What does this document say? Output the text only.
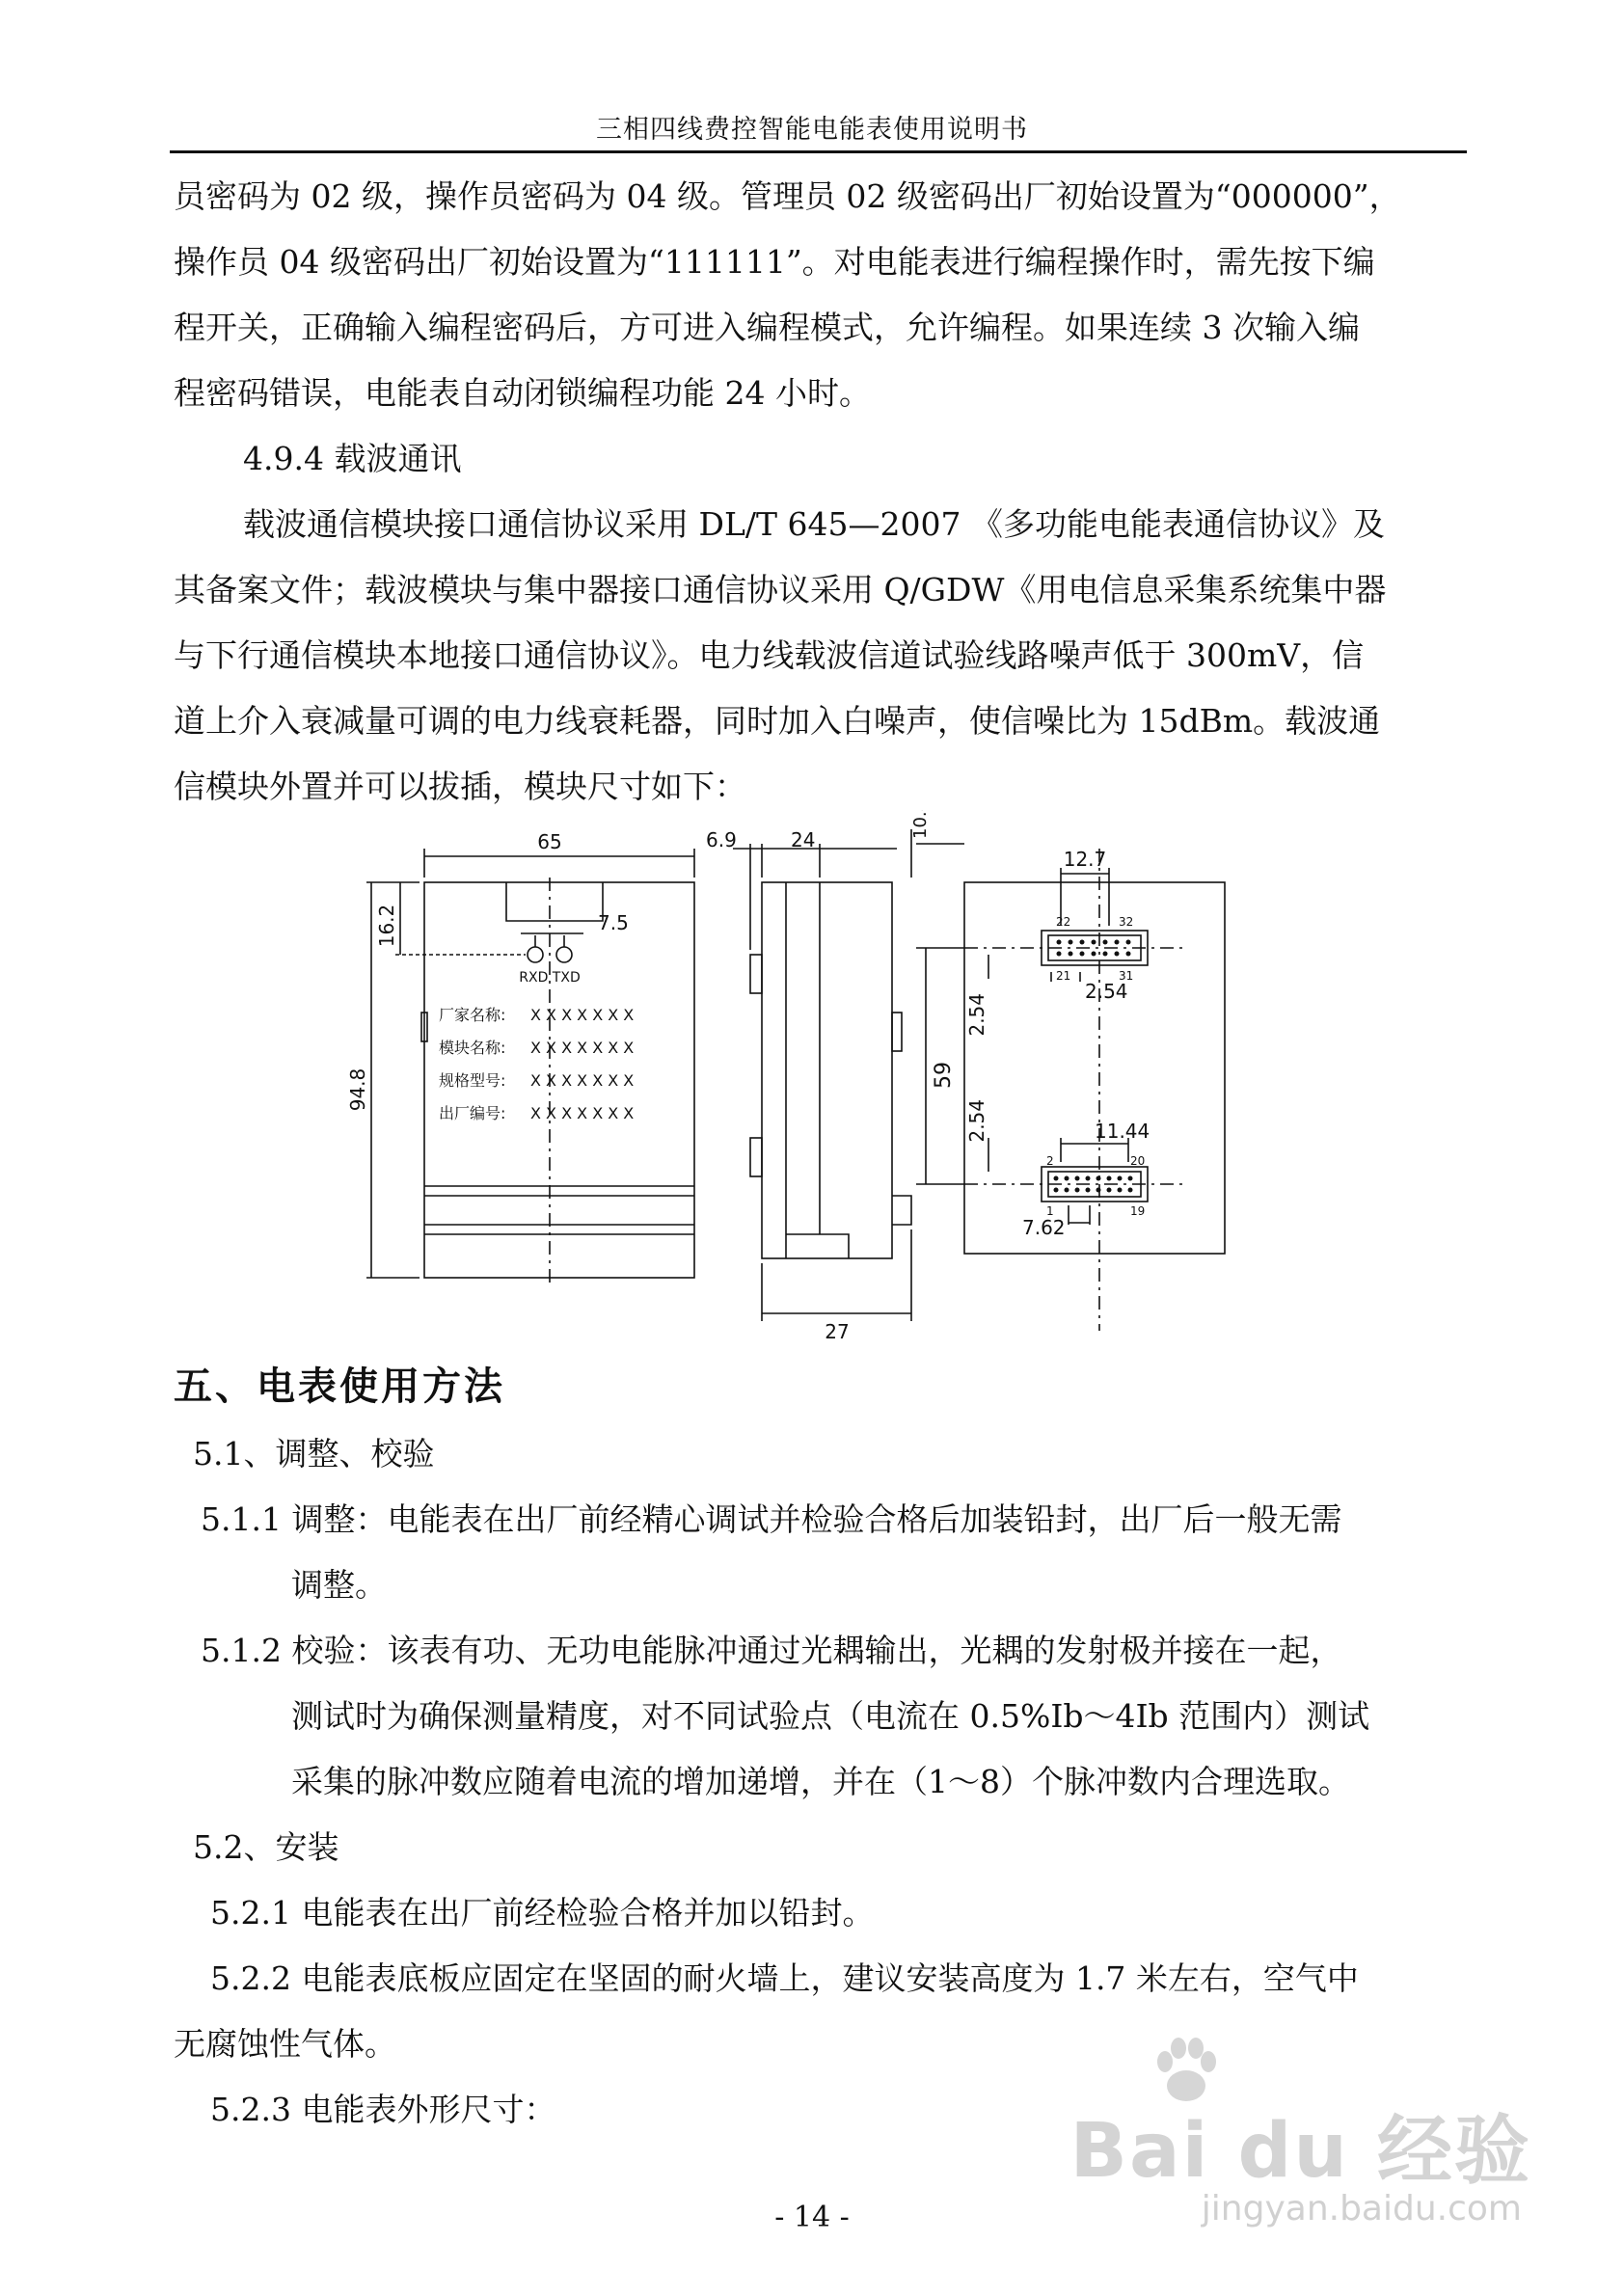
三相四线费控智能电能表使用说明书
员密码为 02 级，操作员密码为 04 级。管理员 02 级密码出厂初始设置为“000000”，
操作员 04 级密码出厂初始设置为“111111”。对电能表进行编程操作时，需先按下编
程开关，正确输入编程密码后，方可进入编程模式，允许编程。如果连续 3 次输入编
程密码错误，电能表自动闭锁编程功能 24 小时。
4.9.4 载波通讯
载波通信模块接口通信协议采用 DL/T 645—2007 《多功能电能表通信协议》及
其备案文件；载波模块与集中器接口通信协议采用 Q/GDW《用电信息采集系统集中器
与下行通信模块本地接口通信协议》。电力线载波信道试验线路噪声低于 300mV，信
道上介入衰减量可调的电力线衰耗器，同时加入白噪声，使信噪比为 15dBm。载波通
信模块外置并可以拔插，模块尺寸如下：
65
7.5
RXD TXD
16.2
94.8
厂家名称: X X X X X X X
模块名称: X X X X X X X
规格型号: X X X X X X X
出厂编号: X X X X X X X
6.9	24
10.88
27
12.7
22	32
21	31
2.54
2.54
59
2.54	11.44
2	20
1	19
7.62
五、电表使用方法
5.1、调整、校验
5.1.1 调整：电能表在出厂前经精心调试并检验合格后加装铅封，出厂后一般无需
调整。
5.1.2 校验：该表有功、无功电能脉冲通过光耦输出，光耦的发射极并接在一起，
测试时为确保测量精度，对不同试验点（电流在 0.5%Ib～4Ib 范围内）测试
采集的脉冲数应随着电流的增加递增，并在（1～8）个脉冲数内合理选取。
5.2、安装
5.2.1 电能表在出厂前经检验合格并加以铅封。
5.2.2 电能表底板应固定在坚固的耐火墙上，建议安装高度为 1.7 米左右，空气中
无腐蚀性气体。
5.2.3 电能表外形尺寸：
- 14 -
Bai du 经验
jingyan.baidu.com
